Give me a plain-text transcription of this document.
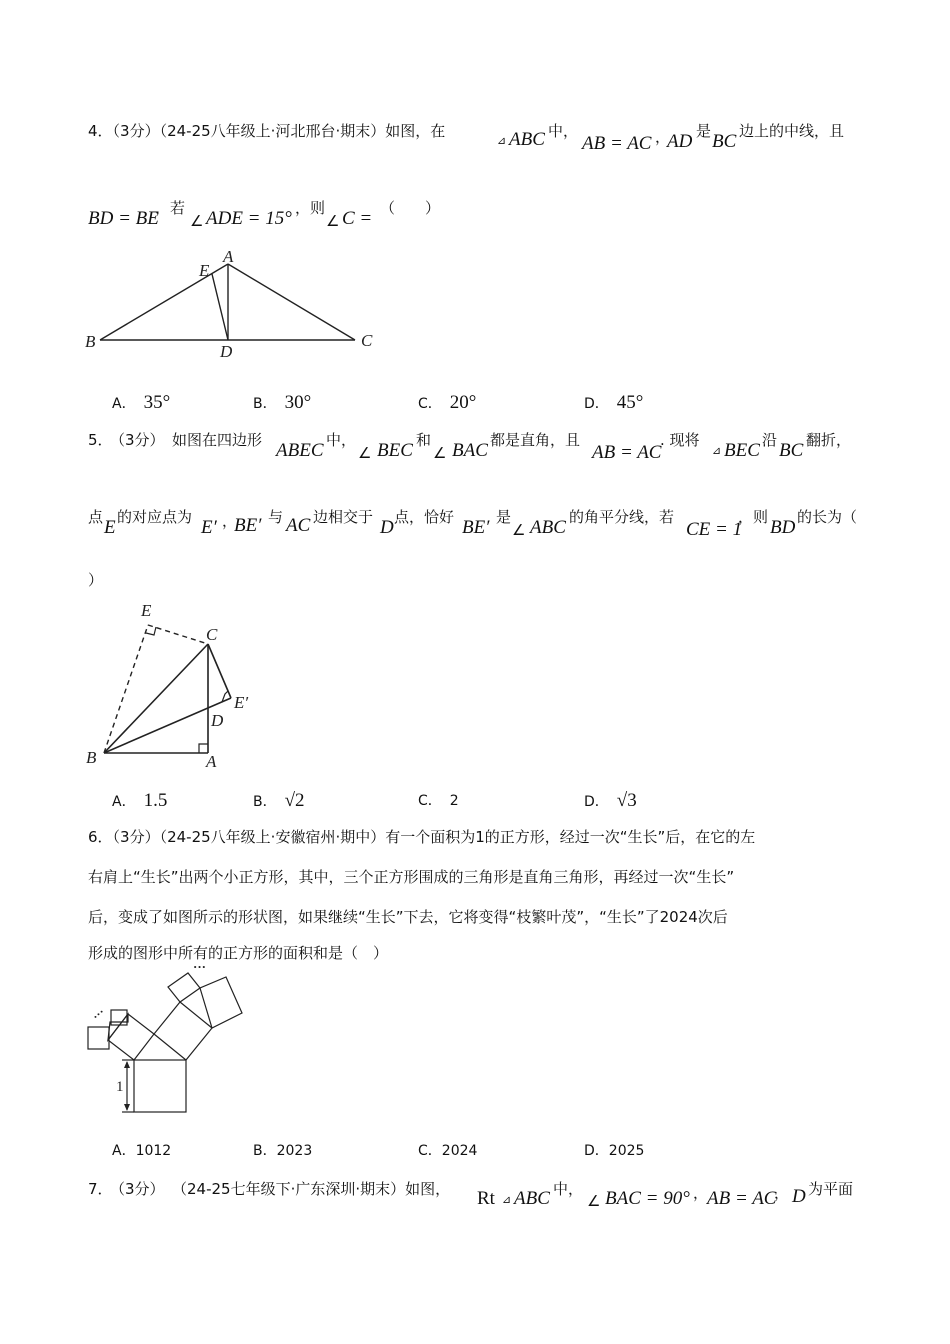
4．（3分）（24-25八年级上·河北邢台·期末）如图，在
⊿ ABC 中，
AB = AC ，
AD 是 BC 边上的中线，且
BD = BE
，若
∠ ADE = 15° ，则
∠ C = （　　）
A
E
B
D
C
A． 35°	B． 30°	C． 20°	D． 45°
5．
（3分） 如图在四边形 ABEC 中，
∠ BEC 和
∠ BAC 都是直角，且
AB = AC
. 现将
⊿ BEC 沿 BC 翻折，
点 E 的对应点为 E′ ，
BE′ 与 AC 边相交于 D 点，恰好 BE′ 是
∠ ABC 的角平分线，若
CE = 1
，则 BD 的长为（
）
E
C
E′
D
B	A
A． 1.5	B． √2	C． 2	D． √3
6．（3分）（24-25八年级上·安徽宿州·期中）有一个面积为1的正方形，经过一次“生长”后，在它的左
右肩上“生长”出两个小正方形，其中，三个正方形围成的三角形是直角三角形，再经过一次“生长”
后，变成了如图所示的形状图，如果继续“生长”下去，它将变得“枝繁叶茂”，“生长”了2024次后
形成的图形中所有的正方形的面积和是（　）
1
···
···
A．1012	B．2023	C．2024	D．2025
7．
（3分） （24-25七年级下·广东深圳·期末）如图， Rt ⊿ ABC 中，
∠ BAC = 90° ，
AB = AC
， D 为平面
